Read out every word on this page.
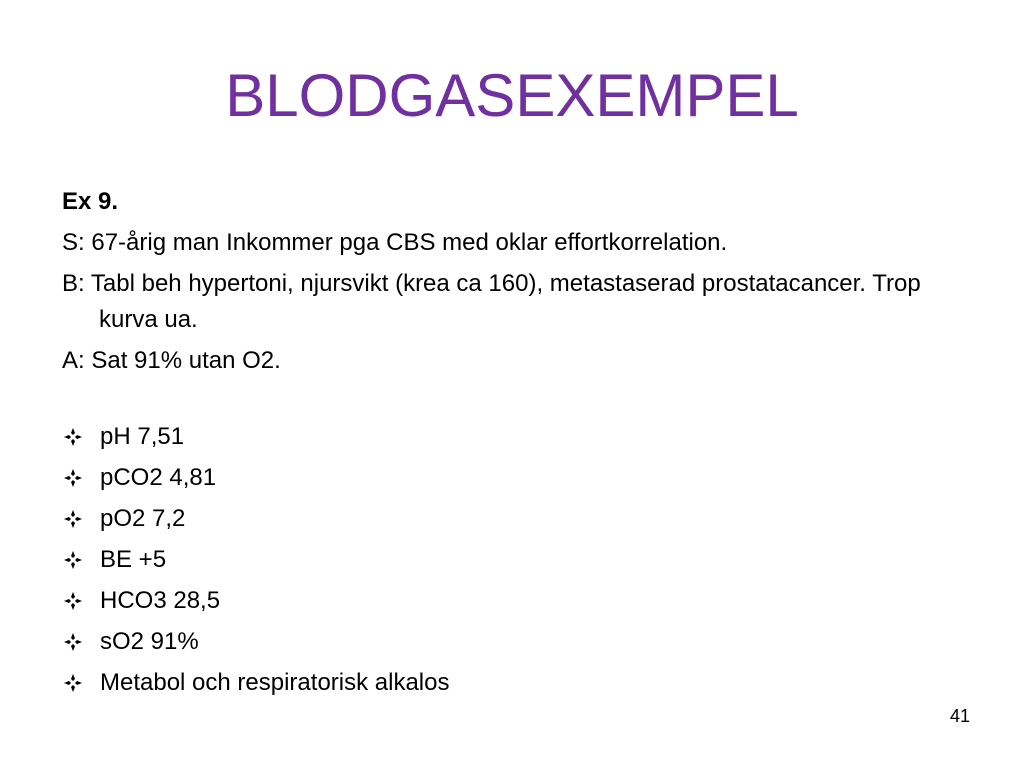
BLODGASEXEMPEL
Ex 9.
S: 67-årig man Inkommer pga CBS med oklar effortkorrelation.
B: Tabl beh hypertoni, njursvikt (krea ca 160), metastaserad prostatacancer. Trop kurva ua.
A: Sat 91% utan O2.
pH 7,51
pCO2 4,81
pO2 7,2
BE +5
HCO3 28,5
sO2 91%
Metabol och respiratorisk alkalos
41
